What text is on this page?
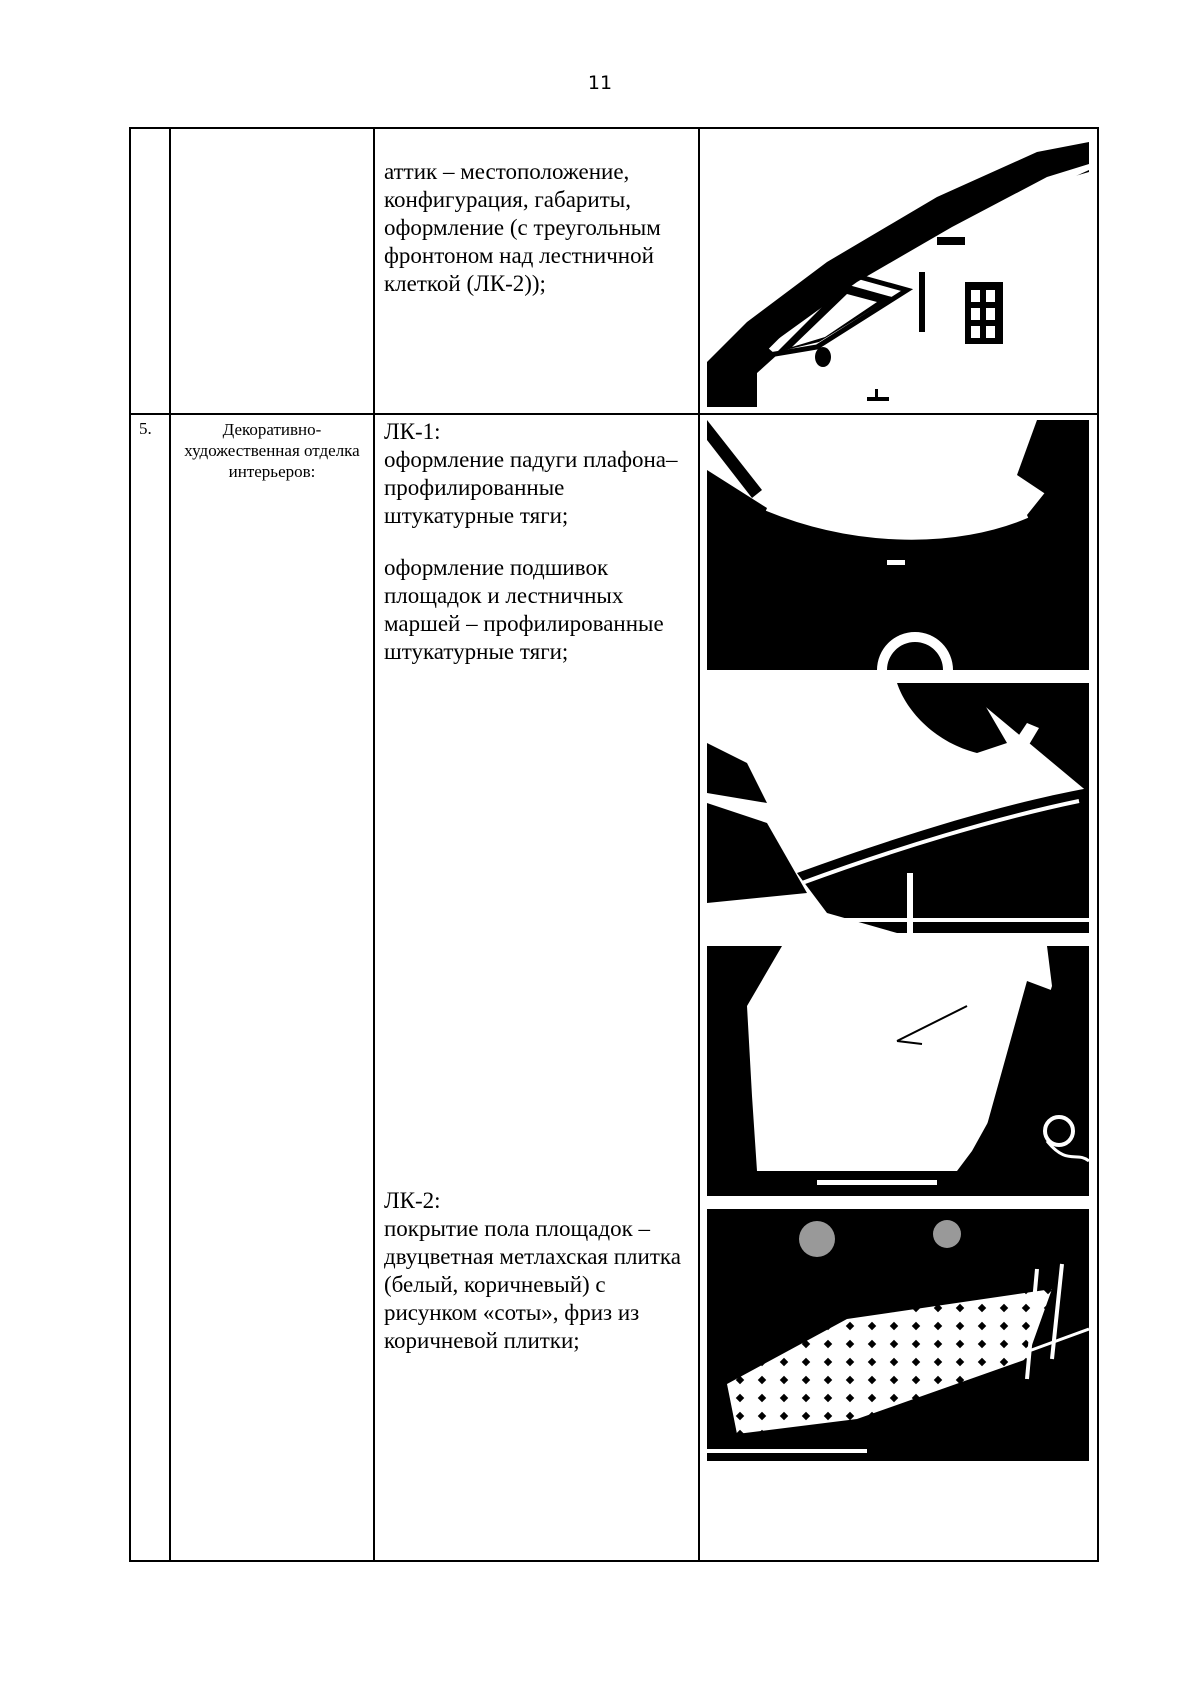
11
аттик – местоположение, конфигурация, габариты, оформление (с треугольным фронтоном над лестничной клеткой (ЛК-2));
5.	Декоративно-художественная отделка интерьеров:
ЛК-1:
оформление падуги плафона– профилированные штукатурные тяги;
оформление подшивок площадок и лестничных маршей – профилированные штукатурные тяги;
ЛК-2:
покрытие пола площадок – двуцветная метлахская плитка (белый, коричневый) с рисунком «соты», фриз из коричневой плитки;
